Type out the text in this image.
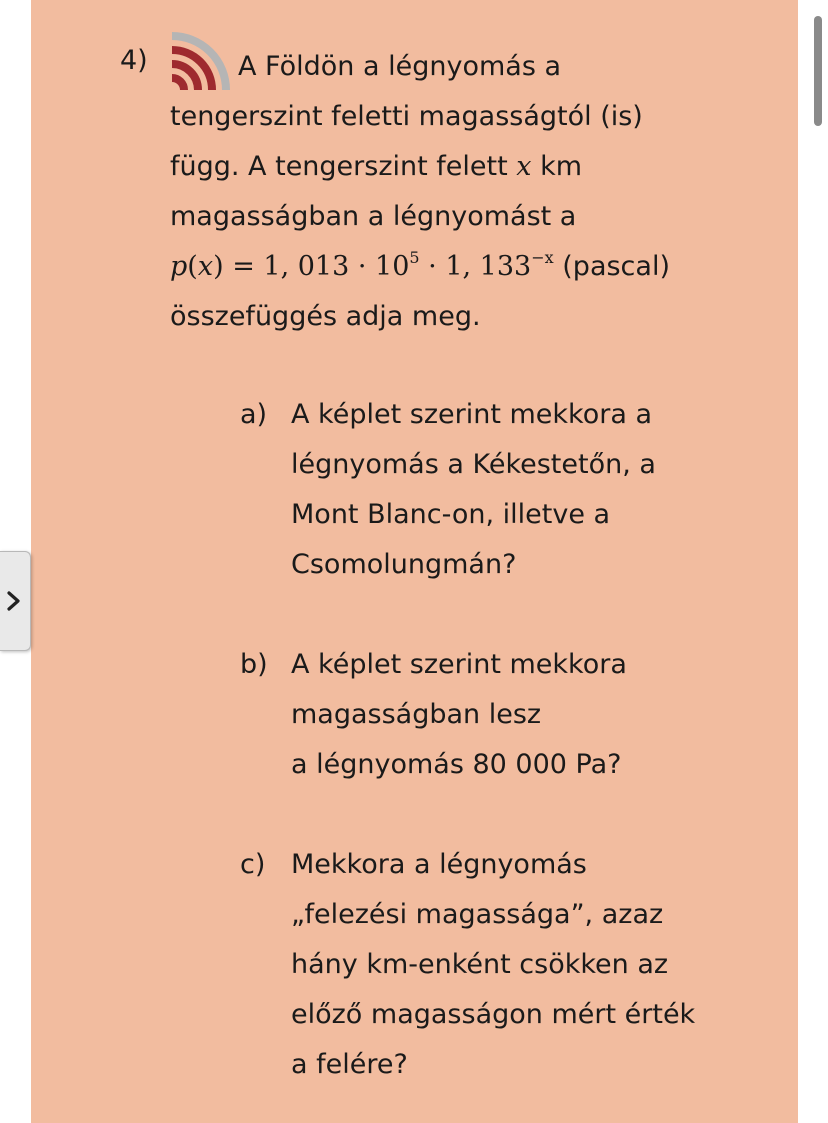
4)	A Földön a légnyomás a
tengerszint feletti magasságtól (is)
függ. A tengerszint felett x km
magasságban a légnyomást a
p(x) = 1, $013 \cdot 10^5 \cdot 1$, $133^{-x}$ (pascal)
összefüggés adja meg.
a) A képlet szerint mekkora a
légnyomás a Kékestetőn, a
Mont Blanc-on, illetve a
Csomolungmán?
b) A képlet szerint mekkora
magasságban lesz
a légnyomás 80 000 Pa?
c) Mekkora a légnyomás
„felezési magassága”, azaz
hány km-enként csökken az
előző magasságon mért érték
a felére?
